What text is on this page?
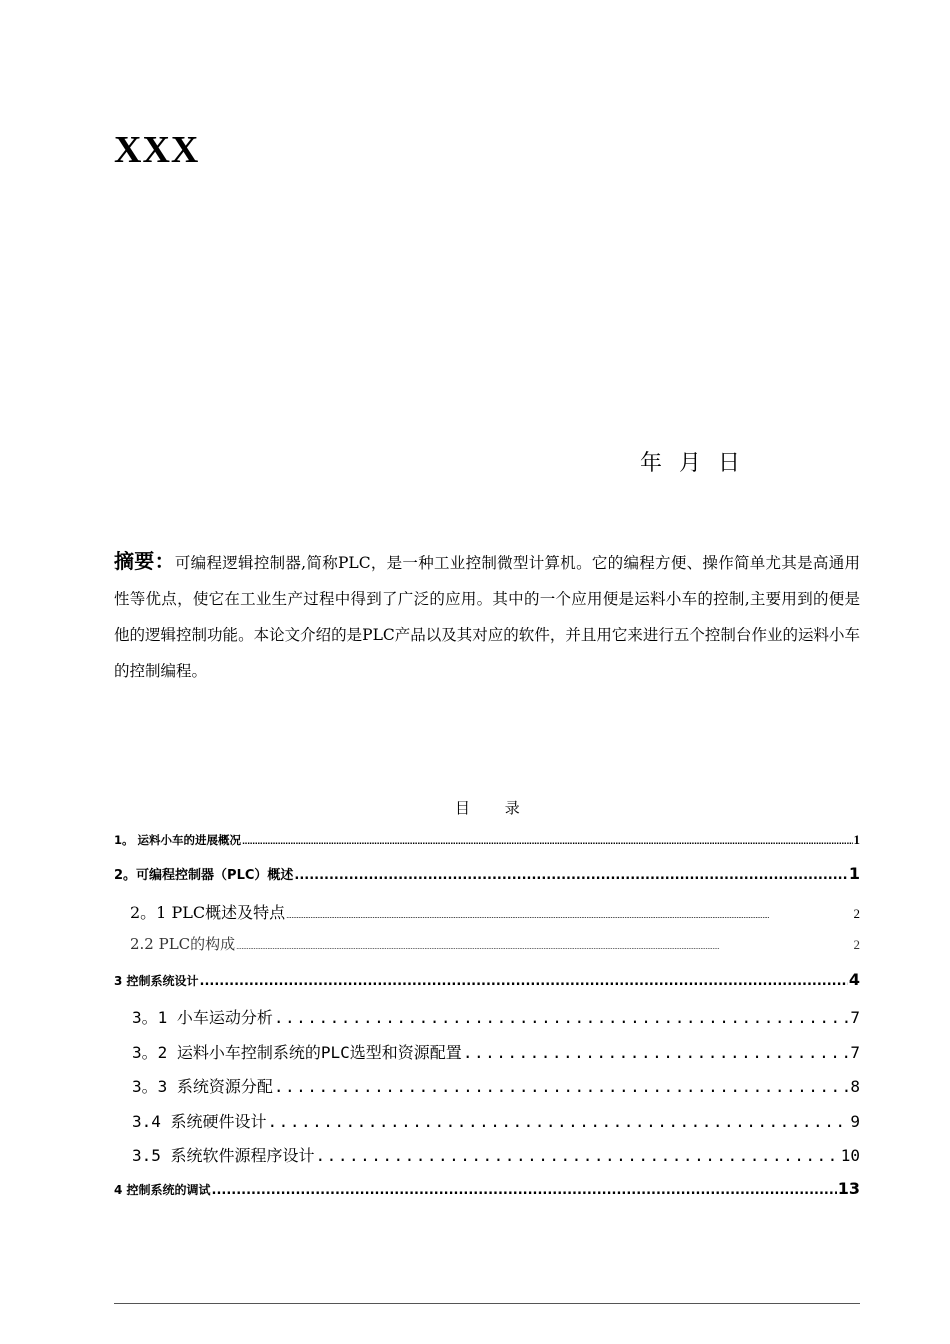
XXX
年 月 日
摘要：可编程逻辑控制器,简称PLC，是一种工业控制微型计算机。它的编程方便、操作简单尤其是高通用性等优点，使它在工业生产过程中得到了广泛的应用。其中的一个应用便是运料小车的控制,主要用到的便是他的逻辑控制功能。本论文介绍的是PLC产品以及其对应的软件，并且用它来进行五个控制台作业的运料小车的控制编程。
目 录
1。 运料小车的进展概况 .....	1
2。可编程控制器（PLC）概述 .....	1
2。1 PLC概述及特点 .....	2
2.2 PLC的构成 .....	2
3 控制系统设计 .....	4
3。1 小车运动分析 .....	7
3。2 运料小车控制系统的PLC选型和资源配置 .....	7
3。3 系统资源分配 .....	8
3.4 系统硬件设计 .....	9
3.5 系统软件源程序设计 .....	10
4 控制系统的调试 .....	13
